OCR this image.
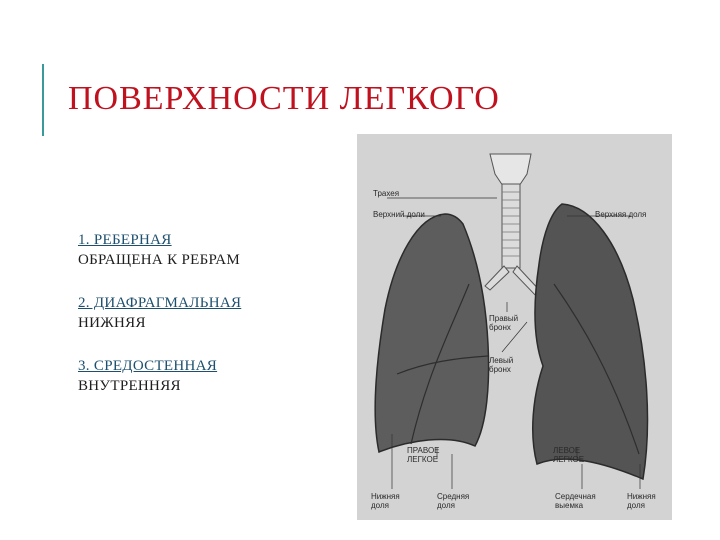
ПОВЕРХНОСТИ ЛЕГКОГО
1. РЕБЕРНАЯ
ОБРАЩЕНА К РЕБРАМ
2. ДИАФРАГМАЛЬНАЯ
НИЖНЯЯ
3. СРЕДОСТЕННАЯ
ВНУТРЕННЯЯ
Трахея
Верхний доли	Верхняя доля
Правый
бронх
Левый
бронх
ПРАВОЕ
ЛЕГКОЕ
ЛЕВОЕ
ЛЕГКОЕ
Нижняя
доля
Средняя
доля
Сердечная
выемка
Нижняя
доля
